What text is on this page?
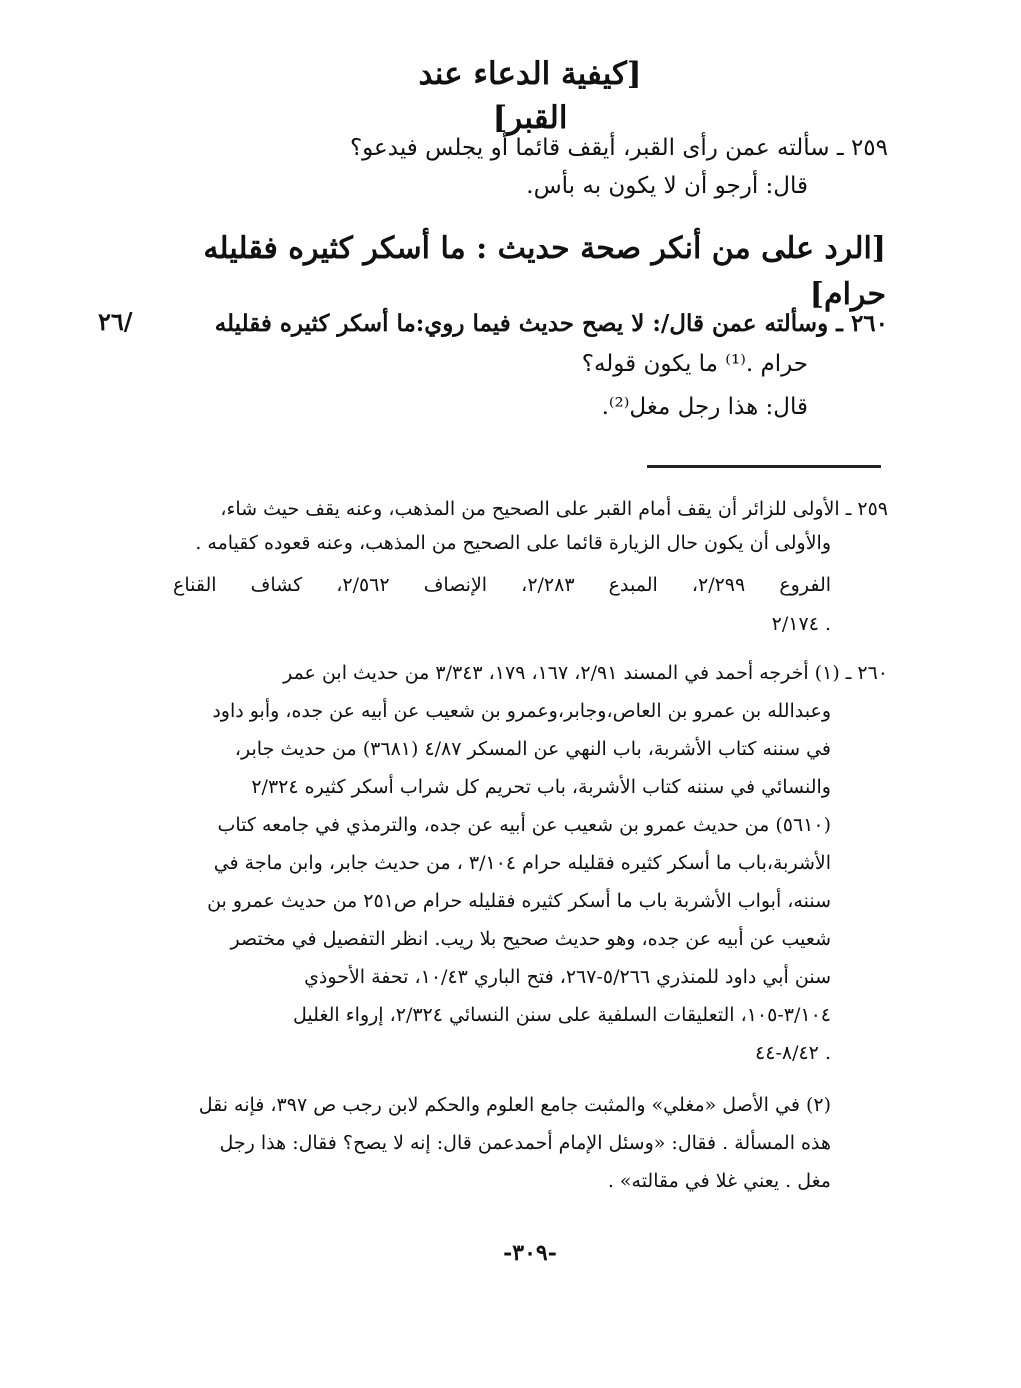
[كيفية الدعاء عند القبر]
٢٥٩ ـ سألته عمن رأى القبر، أيقف قائما أو يجلس فيدعو؟
قال: أرجو أن لا يكون به بأس.
[الرد على من أنكر صحة حديث : ما أسكر كثيره فقليله حرام]
٢٦٠ ـ وسألته عمن قال/: لا يصح حديث فيما روي:ما أسكر كثيره فقليله
حرام .⁽¹⁾ ما يكون قوله؟
قال: هذا رجل مغل⁽²⁾.
٢٦/
٢٥٩ ـ الأولى للزائر أن يقف أمام القبر على الصحيح من المذهب، وعنه يقف حيث شاء،
والأولى أن يكون حال الزيارة قائما على الصحيح من المذهب، وعنه قعوده كقيامه .
الفروع ٢/٢٩٩، المبدع ٢/٢٨٣، الإنصاف ٢/٥٦٢، كشاف القناع
٢/١٧٤ .
٢٦٠ ـ (١) أخرجه أحمد في المسند ٢/٩١، ١٦٧، ١٧٩، ٣/٣٤٣ من حديث ابن عمر
وعبدالله بن عمرو بن العاص،وجابر،وعمرو بن شعيب عن أبيه عن جده، وأبو داود
في سننه كتاب الأشربة، باب النهي عن المسكر ٤/٨٧ (٣٦٨١) من حديث جابر،
والنسائي في سننه كتاب الأشربة، باب تحريم كل شراب أسكر كثيره ٢/٣٢٤
(٥٦١٠) من حديث عمرو بن شعيب عن أبيه عن جده، والترمذي في جامعه كتاب
الأشربة،باب ما أسكر كثيره فقليله حرام ٣/١٠٤ ، من حديث جابر، وابن ماجة في
سننه، أبواب الأشربة باب ما أسكر كثيره فقليله حرام ص٢٥١ من حديث عمرو بن
شعيب عن أبيه عن جده، وهو حديث صحيح بلا ريب. انظر التفصيل في مختصر
سنن أبي داود للمنذري ٥/٢٦٦-٢٦٧، فتح الباري ١٠/٤٣، تحفة الأحوذي
٣/١٠٤-١٠٥، التعليقات السلفية على سنن النسائي ٢/٣٢٤، إرواء الغليل
٨/٤٢-٤٤ .
(٢) في الأصل «مغلي» والمثبت جامع العلوم والحكم لابن رجب ص ٣٩٧، فإنه نقل
هذه المسألة . فقال: «وسئل الإمام أحمدعمن قال: إنه لا يصح؟ فقال: هذا رجل
مغل . يعني غلا في مقالته» .
-٣٠٩-
